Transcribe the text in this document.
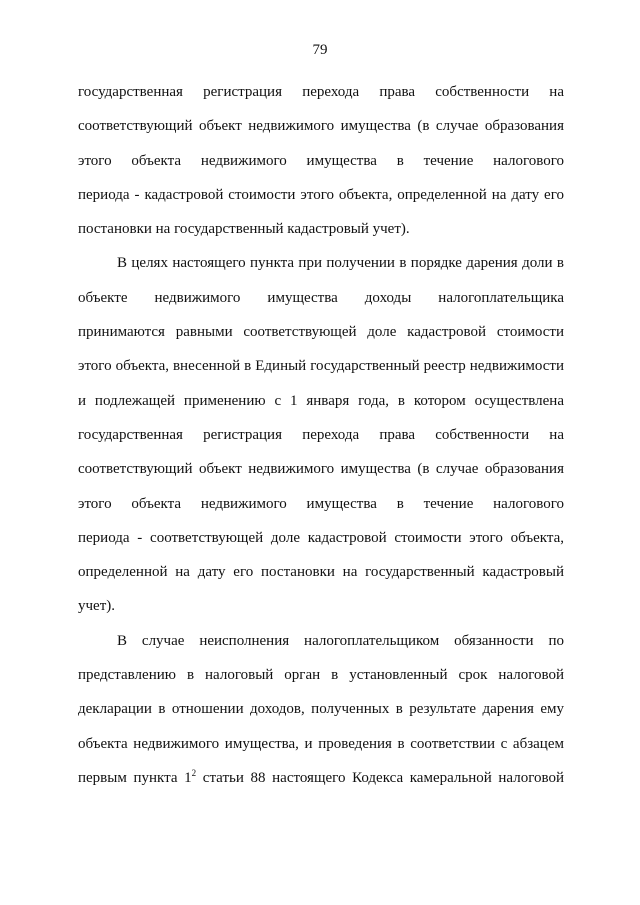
79
государственная регистрация перехода права собственности на
соответствующий объект недвижимого имущества (в случае образования
этого объекта недвижимого имущества в течение налогового
периода - кадастровой стоимости этого объекта, определенной на дату его
постановки на государственный кадастровый учет).
В целях настоящего пункта при получении в порядке дарения доли в
объекте недвижимого имущества доходы налогоплательщика
принимаются равными соответствующей доле кадастровой стоимости
этого объекта, внесенной в Единый государственный реестр недвижимости
и подлежащей применению с 1 января года, в котором осуществлена
государственная регистрация перехода права собственности на
соответствующий объект недвижимого имущества (в случае образования
этого объекта недвижимого имущества в течение налогового
периода - соответствующей доле кадастровой стоимости этого объекта,
определенной на дату его постановки на государственный кадастровый
учет).
В случае неисполнения налогоплательщиком обязанности по
представлению в налоговый орган в установленный срок налоговой
декларации в отношении доходов, полученных в результате дарения ему
объекта недвижимого имущества, и проведения в соответствии с абзацем
первым пункта $1^2$ статьи 88 настоящего Кодекса камеральной налоговой
